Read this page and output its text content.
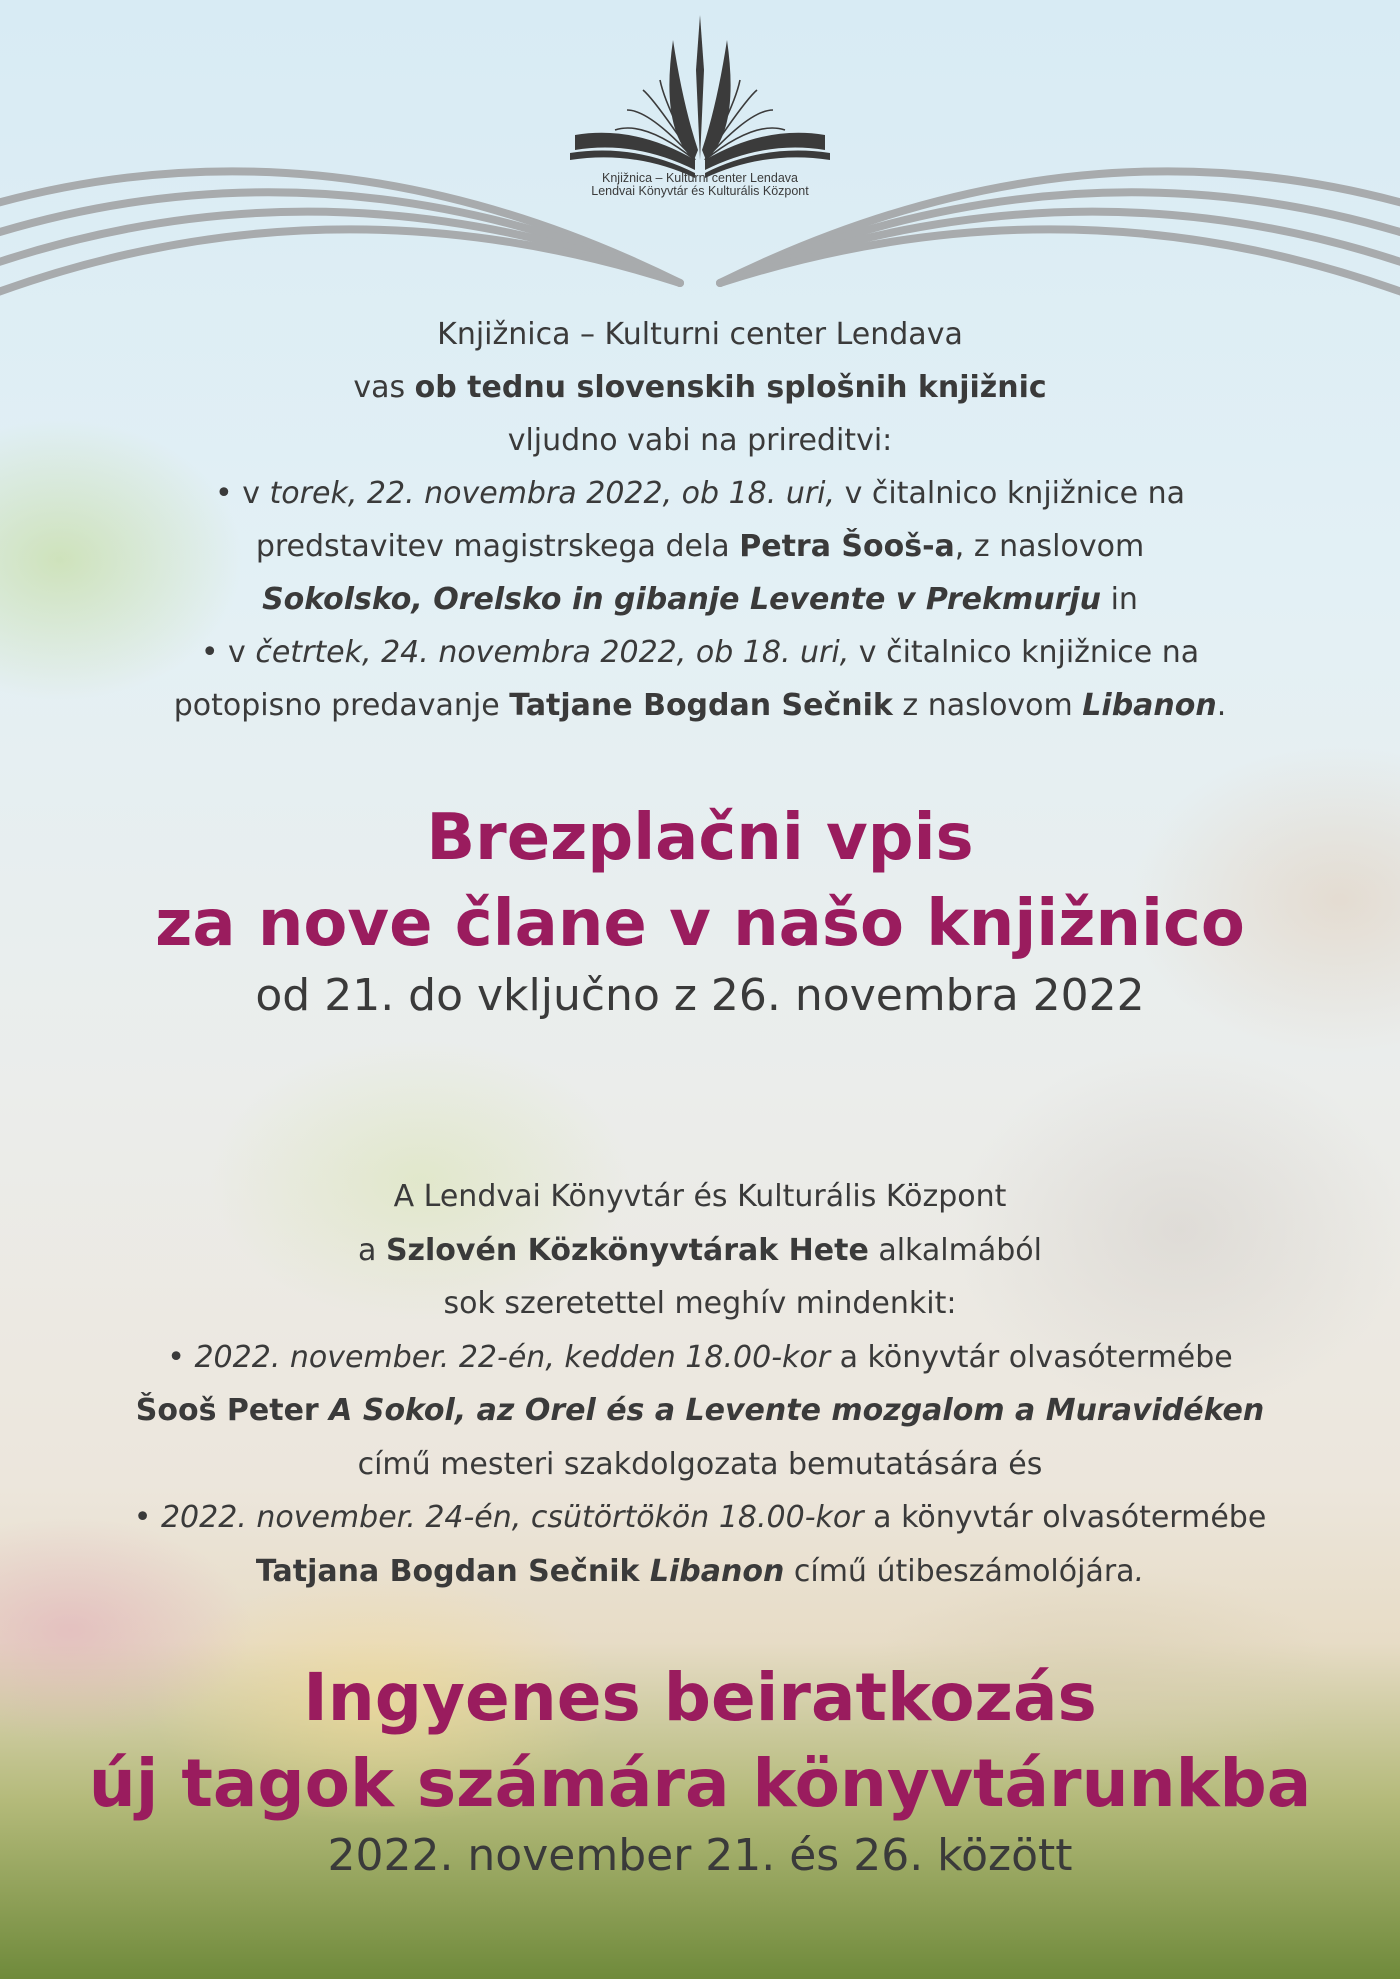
Knjižnica – Kulturni center Lendava
Lendvai Könyvtár és Kulturális Központ

Knjižnica – Kulturni center Lendava

vas ob tednu slovenskih splošnih knjižnic

vljudno vabi na prireditvi:

• v torek, 22. novembra 2022, ob 18. uri, v čitalnico knjižnice na

predstavitev magistrskega dela Petra Šooš-a, z naslovom

Sokolsko, Orelsko in gibanje Levente v Prekmurju in

• v četrtek, 24. novembra 2022, ob 18. uri, v čitalnico knjižnice na

potopisno predavanje Tatjane Bogdan Sečnik z naslovom Libanon.

Brezplačni vpis

za nove člane v našo knjižnico

od 21. do vključno z 26. novembra 2022

A Lendvai Könyvtár és Kulturális Központ

a Szlovén Közkönyvtárak Hete alkalmából

sok szeretettel meghív mindenkit:

• 2022. november. 22-én, kedden 18.00-kor a könyvtár olvasótermébe

Šooš Peter A Sokol, az Orel és a Levente mozgalom a Muravidéken

című mesteri szakdolgozata bemutatására és

• 2022. november. 24-én, csütörtökön 18.00-kor a könyvtár olvasótermébe

Tatjana Bogdan Sečnik Libanon című útibeszámolójára.

Ingyenes beiratkozás

új tagok számára könyvtárunkba

2022. november 21. és 26. között
